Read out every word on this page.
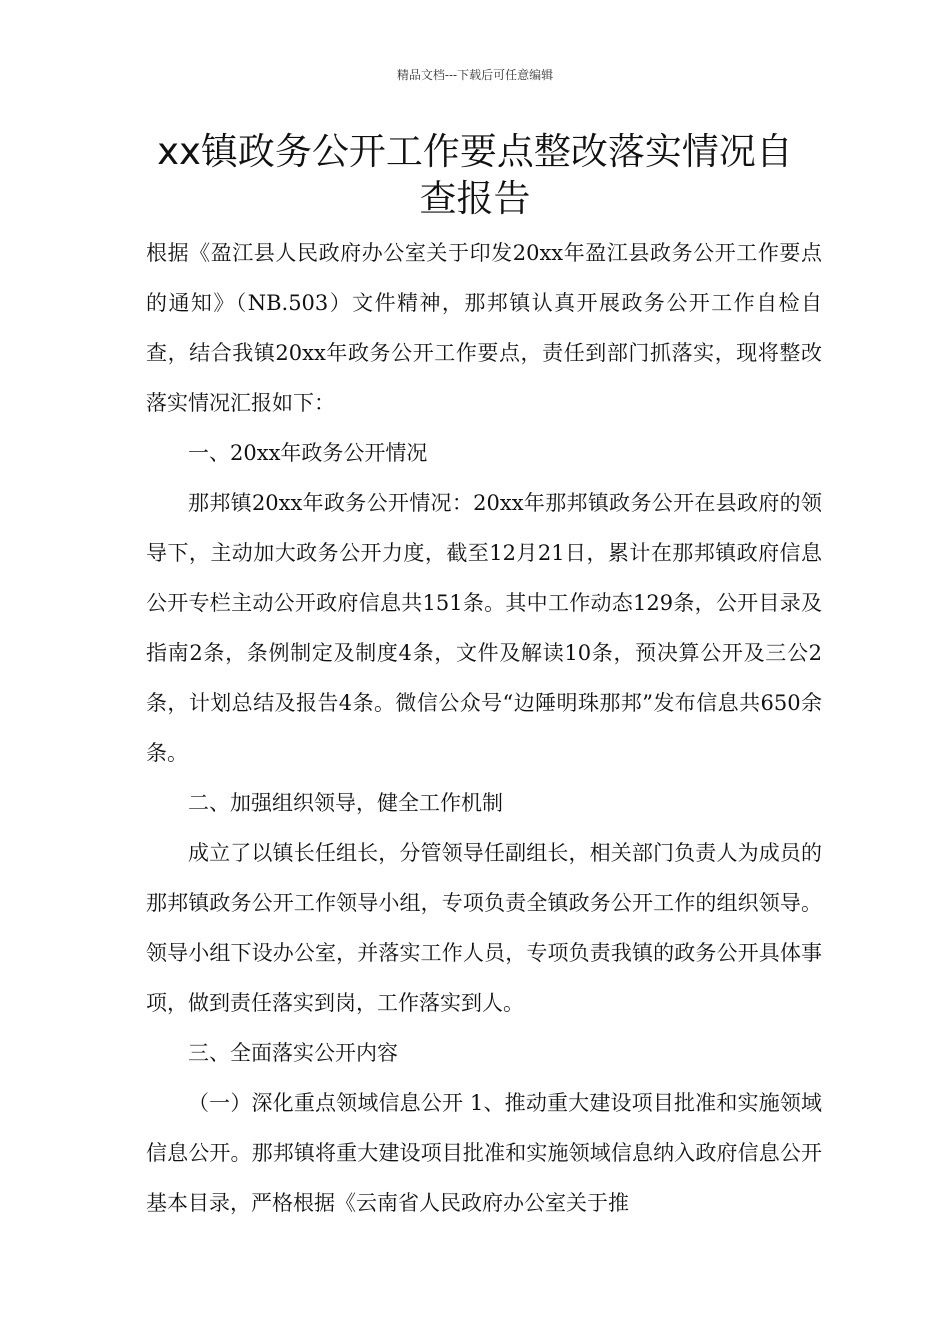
精品文档---下载后可任意编辑
xx镇政务公开工作要点整改落实情况自
查报告

根据《盈江县人民政府办公室关于印发20xx年盈江县政务公开工作要点的通知》（NB.503）文件精神，那邦镇认真开展政务公开工作自检自查，结合我镇20xx年政务公开工作要点，责任到部门抓落实，现将整改落实情况汇报如下：

一、20xx年政务公开情况

那邦镇20xx年政务公开情况：20xx年那邦镇政务公开在县政府的领导下，主动加大政务公开力度，截至12月21日，累计在那邦镇政府信息公开专栏主动公开政府信息共151条。其中工作动态129条，公开目录及指南2条，条例制定及制度4条，文件及解读10条，预决算公开及三公2条，计划总结及报告4条。微信公众号“边陲明珠那邦”发布信息共650余条。

二、加强组织领导，健全工作机制

成立了以镇长任组长，分管领导任副组长，相关部门负责人为成员的那邦镇政务公开工作领导小组，专项负责全镇政务公开工作的组织领导。领导小组下设办公室，并落实工作人员，专项负责我镇的政务公开具体事项，做到责任落实到岗，工作落实到人。

三、全面落实公开内容

（一）深化重点领域信息公开 1、推动重大建设项目批准和实施领域信息公开。那邦镇将重大建设项目批准和实施领域信息纳入政府信息公开基本目录，严格根据《云南省人民政府办公室关于推
